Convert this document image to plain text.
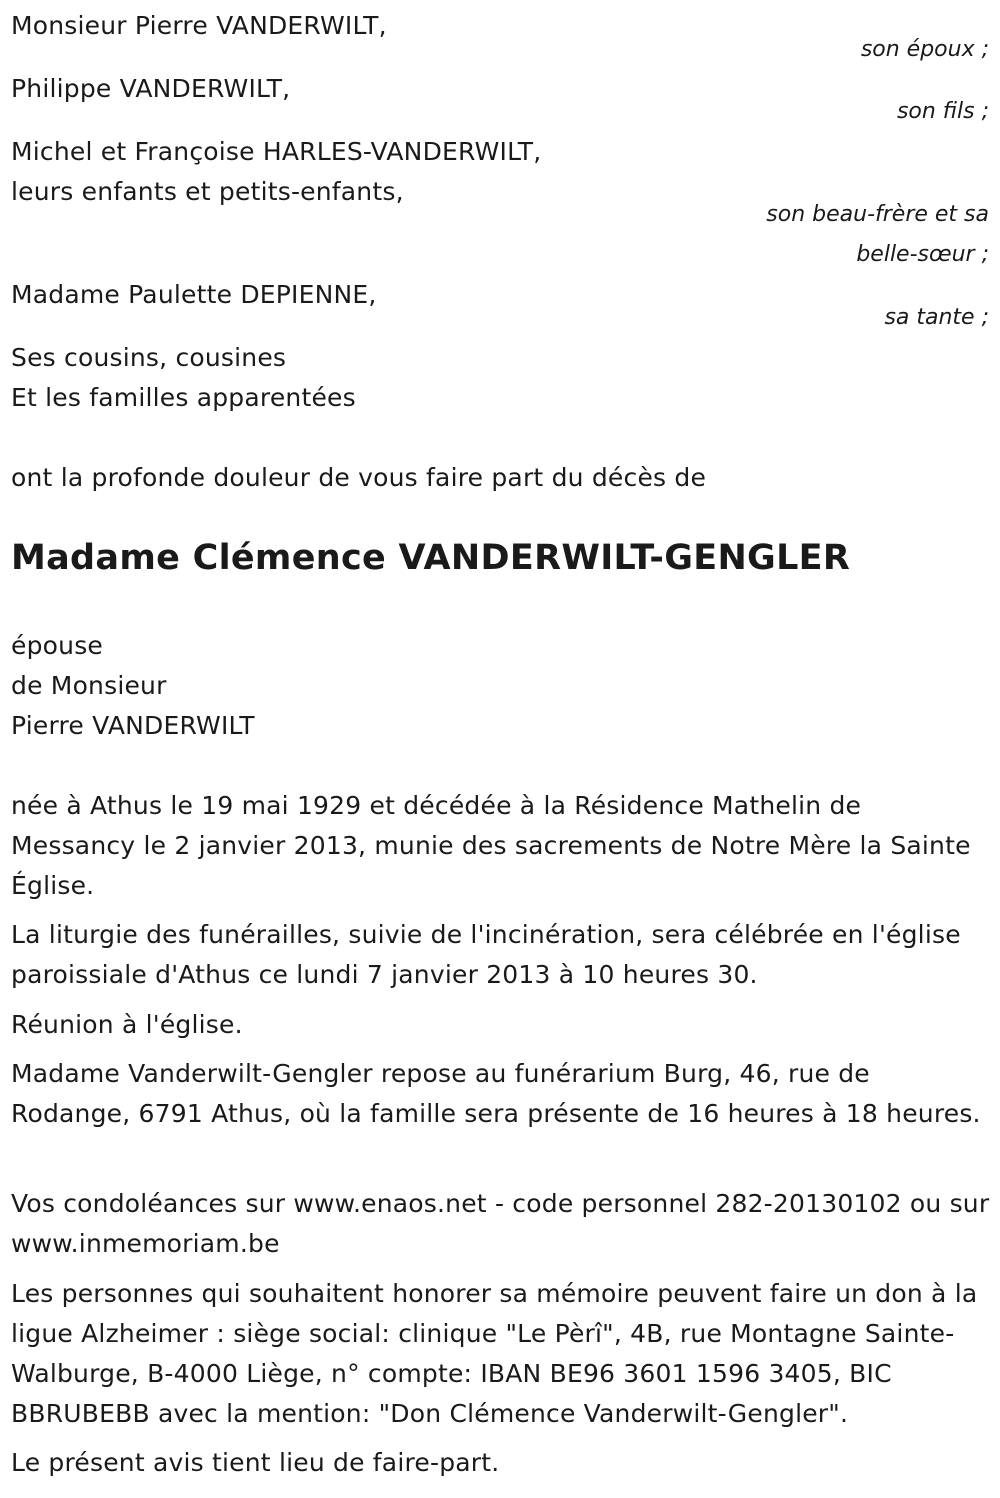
Monsieur Pierre VANDERWILT,
son époux ;
Philippe VANDERWILT,
son fils ;
Michel et Françoise HARLES-VANDERWILT,
leurs enfants et petits-enfants,
son beau-frère et sa
belle-sœur ;
Madame Paulette DEPIENNE,
sa tante ;
Ses cousins, cousines
Et les familles apparentées
ont la profonde douleur de vous faire part du décès de
Madame Clémence VANDERWILT-GENGLER
épouse
de Monsieur
Pierre VANDERWILT
née à Athus le 19 mai 1929 et décédée à la Résidence Mathelin de Messancy le 2 janvier 2013, munie des sacrements de Notre Mère la Sainte Église.
La liturgie des funérailles, suivie de l'incinération, sera célébrée en l'église paroissiale d'Athus ce lundi 7 janvier 2013 à 10 heures 30.
Réunion à l'église.
Madame Vanderwilt-Gengler repose au funérarium Burg, 46, rue de Rodange, 6791 Athus, où la famille sera présente de 16 heures à 18 heures.
Vos condoléances sur www.enaos.net - code personnel 282-20130102 ou sur www.inmemoriam.be
Les personnes qui souhaitent honorer sa mémoire peuvent faire un don à la ligue Alzheimer : siège social: clinique "Le Pèrî", 4B, rue Montagne Sainte-Walburge, B-4000 Liège, n° compte: IBAN BE96 3601 1596 3405, BIC BBRUBEBB avec la mention: "Don Clémence Vanderwilt-Gengler".
Le présent avis tient lieu de faire-part.
